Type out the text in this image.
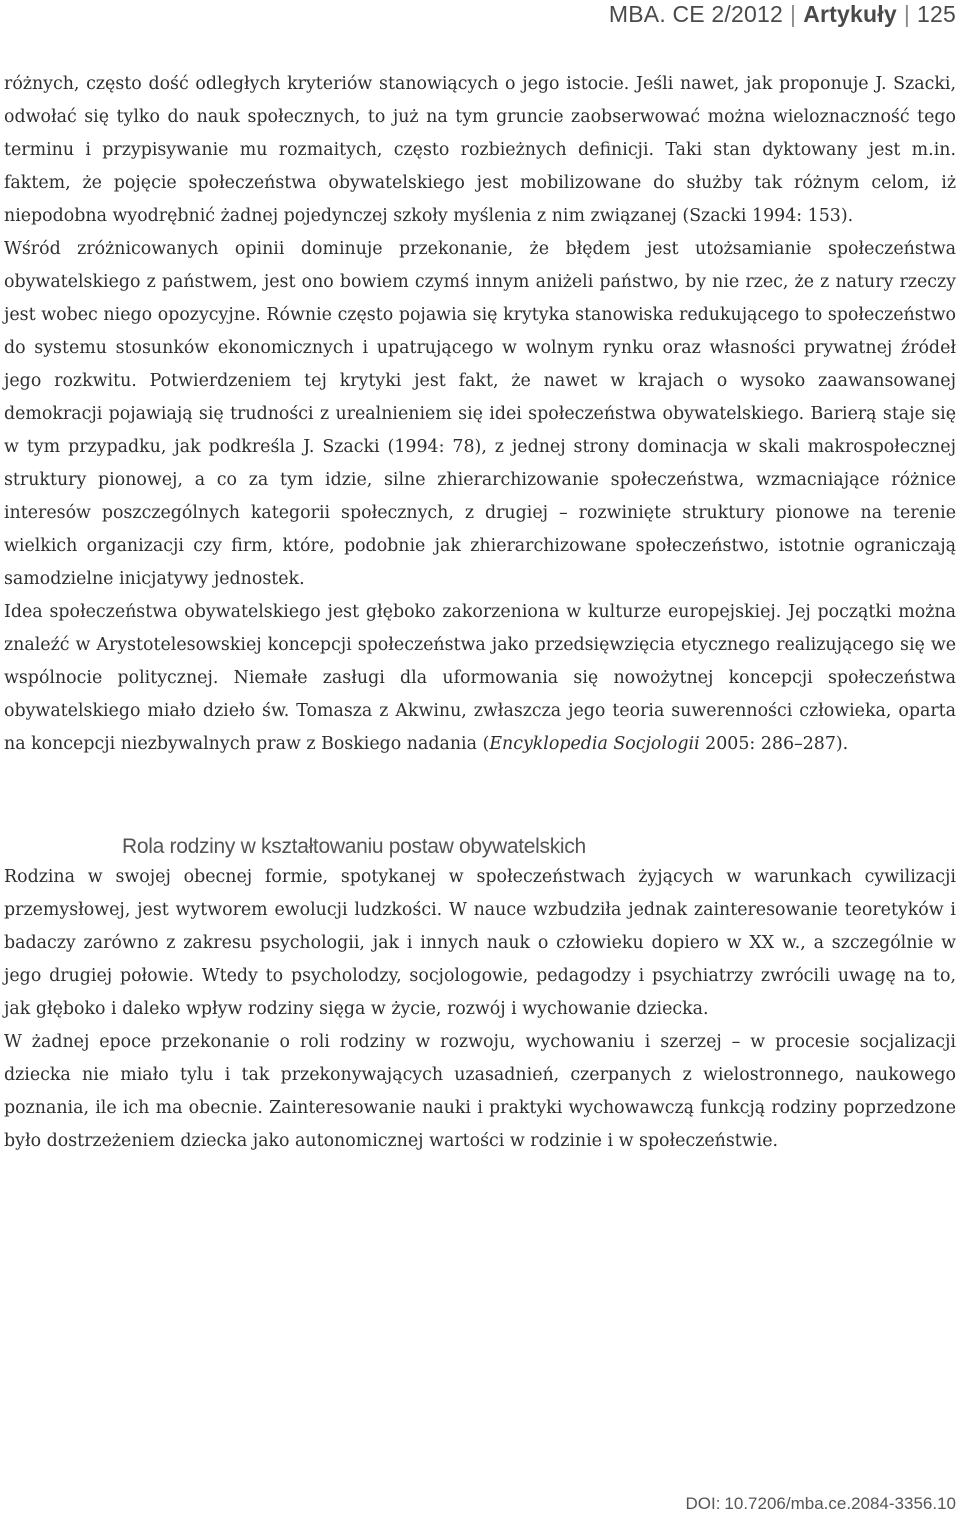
MBA. CE 2/2012 | Artykuły | 125

różnych, często dość odległych kryteriów stanowiących o jego istocie. Jeśli nawet, jak proponuje J. Szacki, odwołać się tylko do nauk społecznych, to już na tym gruncie zaobserwować można wieloznaczność tego terminu i przypisywanie mu rozmaitych, często rozbieżnych definicji. Taki stan dyktowany jest m.in. faktem, że pojęcie społeczeństwa obywatelskiego jest mobilizowane do służby tak różnym celom, iż niepodobna wyodrębnić żadnej pojedynczej szkoły myślenia z nim związanej (Szacki 1994: 153).

Wśród zróżnicowanych opinii dominuje przekonanie, że błędem jest utożsamianie społeczeństwa obywatelskiego z państwem, jest ono bowiem czymś innym aniżeli państwo, by nie rzec, że z natury rzeczy jest wobec niego opozycyjne. Równie często pojawia się krytyka stanowiska redukującego to społeczeństwo do systemu stosunków ekonomicznych i upatrującego w wolnym rynku oraz własności prywatnej źródeł jego rozkwitu. Potwierdzeniem tej krytyki jest fakt, że nawet w krajach o wysoko zaawansowanej demokracji pojawiają się trudności z urealnieniem się idei społeczeństwa obywatelskiego. Barierą staje się w tym przypadku, jak podkreśla J. Szacki (1994: 78), z jednej strony dominacja w skali makrospołecznej struktury pionowej, a co za tym idzie, silne zhierarchizowanie społeczeństwa, wzmacniające różnice interesów poszczególnych kategorii społecznych, z drugiej – rozwinięte struktury pionowe na terenie wielkich organizacji czy firm, które, podobnie jak zhierarchizowane społeczeństwo, istotnie ograniczają samodzielne inicjatywy jednostek.

Idea społeczeństwa obywatelskiego jest głęboko zakorzeniona w kulturze europejskiej. Jej początki można znaleźć w Arystotelesowskiej koncepcji społeczeństwa jako przedsięwzięcia etycznego realizującego się we wspólnocie politycznej. Niemałe zasługi dla uformowania się nowożytnej koncepcji społeczeństwa obywatelskiego miało dzieło św. Tomasza z Akwinu, zwłaszcza jego teoria suwerenności człowieka, oparta na koncepcji niezbywalnych praw z Boskiego nadania (Encyklopedia Socjologii 2005: 286–287).

Rola rodziny w kształtowaniu postaw obywatelskich

Rodzina w swojej obecnej formie, spotykanej w społeczeństwach żyjących w warunkach cywilizacji przemysłowej, jest wytworem ewolucji ludzkości. W nauce wzbudziła jednak zainteresowanie teoretyków i badaczy zarówno z zakresu psychologii, jak i innych nauk o człowieku dopiero w XX w., a szczególnie w jego drugiej połowie. Wtedy to psycholodzy, socjologowie, pedagodzy i psychiatrzy zwrócili uwagę na to, jak głęboko i daleko wpływ rodziny sięga w życie, rozwój i wychowanie dziecka.

W żadnej epoce przekonanie o roli rodziny w rozwoju, wychowaniu i szerzej – w procesie socjalizacji dziecka nie miało tylu i tak przekonywających uzasadnień, czerpanych z wielostronnego, naukowego poznania, ile ich ma obecnie. Zainteresowanie nauki i praktyki wychowawczą funkcją rodziny poprzedzone było dostrzeżeniem dziecka jako autonomicznej wartości w rodzinie i w społeczeństwie.

DOI: 10.7206/mba.ce.2084-3356.10
